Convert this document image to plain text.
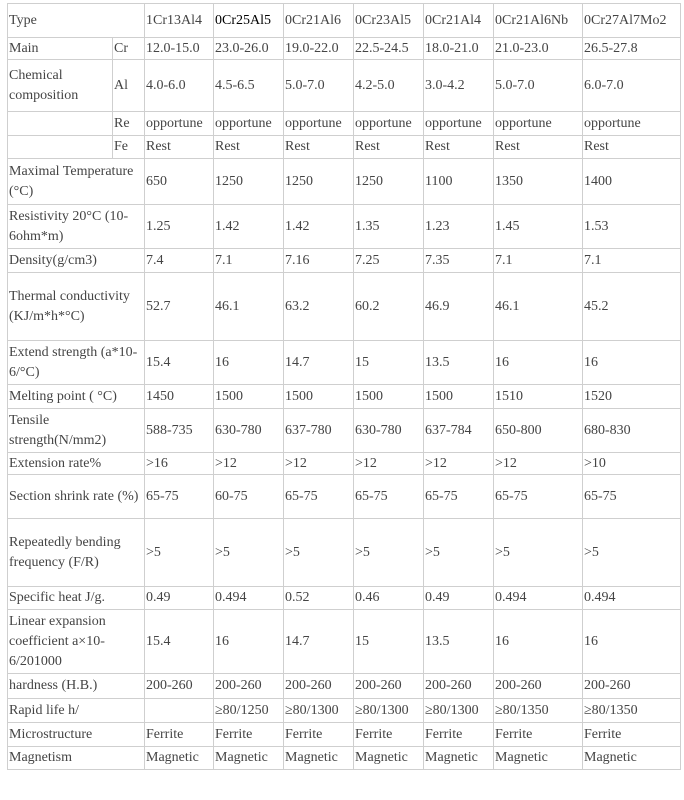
Type		1Cr13Al4	0Cr25Al5	0Cr21Al6	0Cr23Al5	0Cr21Al4	0Cr21Al6Nb	0Cr27Al7Mo2
Main	Cr	12.0-15.0	23.0-26.0	19.0-22.0	22.5-24.5	18.0-21.0	21.0-23.0	26.5-27.8
Chemical composition	Al	4.0-6.0	4.5-6.5	5.0-7.0	4.2-5.0	3.0-4.2	5.0-7.0	6.0-7.0
	Re	opportune	opportune	opportune	opportune	opportune	opportune	opportune
	Fe	Rest	Rest	Rest	Rest	Rest	Rest	Rest
Maximal Temperature (°C)		650	1250	1250	1250	1100	1350	1400
Resistivity 20°C (10-6ohm*m)		1.25	1.42	1.42	1.35	1.23	1.45	1.53
Density(g/cm3)		7.4	7.1	7.16	7.25	7.35	7.1	7.1
Thermal conductivity (KJ/m*h*°C)		52.7	46.1	63.2	60.2	46.9	46.1	45.2
Extend strength (a*10-6/°C)		15.4	16	14.7	15	13.5	16	16
Melting point ( °C)		1450	1500	1500	1500	1500	1510	1520
Tensile strength(N/mm2)		588-735	630-780	637-780	630-780	637-784	650-800	680-830
Extension rate%		>16	>12	>12	>12	>12	>12	>10
Section shrink rate (%)		65-75	60-75	65-75	65-75	65-75	65-75	65-75
Repeatedly bending frequency (F/R)		>5	>5	>5	>5	>5	>5	>5
Specific heat J/g.		0.49	0.494	0.52	0.46	0.49	0.494	0.494
Linear expansion coefficient a×10-6/201000		15.4	16	14.7	15	13.5	16	16
hardness (H.B.)		200-260	200-260	200-260	200-260	200-260	200-260	200-260
Rapid life h/			≥80/1250	≥80/1300	≥80/1300	≥80/1300	≥80/1350	≥80/1350
Microstructure		Ferrite	Ferrite	Ferrite	Ferrite	Ferrite	Ferrite	Ferrite
Magnetism		Magnetic	Magnetic	Magnetic	Magnetic	Magnetic	Magnetic	Magnetic
